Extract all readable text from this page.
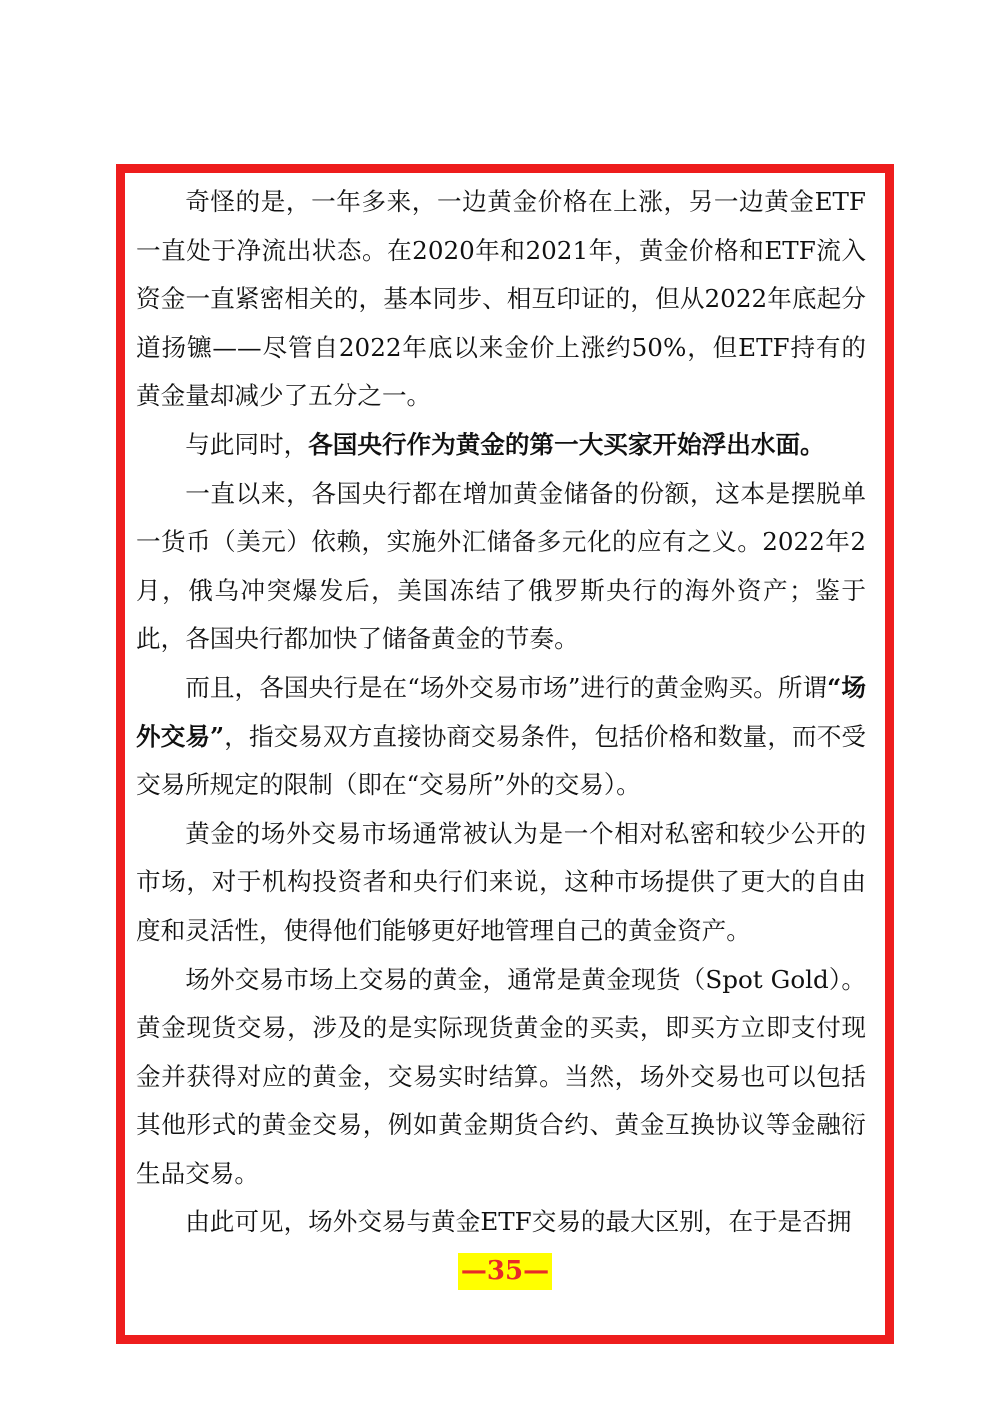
奇怪的是，一年多来，一边黄金价格在上涨，另一边黄金ETF一直处于净流出状态。在2020年和2021年，黄金价格和ETF流入资金一直紧密相关的，基本同步、相互印证的，但从2022年底起分道扬镳——尽管自2022年底以来金价上涨约50%，但ETF持有的黄金量却减少了五分之一。

与此同时，各国央行作为黄金的第一大买家开始浮出水面。

一直以来，各国央行都在增加黄金储备的份额，这本是摆脱单一货币（美元）依赖，实施外汇储备多元化的应有之义。2022年2月，俄乌冲突爆发后，美国冻结了俄罗斯央行的海外资产；鉴于此，各国央行都加快了储备黄金的节奏。

而且，各国央行是在“场外交易市场”进行的黄金购买。所谓“场外交易”，指交易双方直接协商交易条件，包括价格和数量，而不受交易所规定的限制（即在“交易所”外的交易）。

黄金的场外交易市场通常被认为是一个相对私密和较少公开的市场，对于机构投资者和央行们来说，这种市场提供了更大的自由度和灵活性，使得他们能够更好地管理自己的黄金资产。

场外交易市场上交易的黄金，通常是黄金现货（Spot Gold）。黄金现货交易，涉及的是实际现货黄金的买卖，即买方立即支付现金并获得对应的黄金，交易实时结算。当然，场外交易也可以包括其他形式的黄金交易，例如黄金期货合约、黄金互换协议等金融衍生品交易。

由此可见，场外交易与黄金ETF交易的最大区别，在于是否拥

—35—
